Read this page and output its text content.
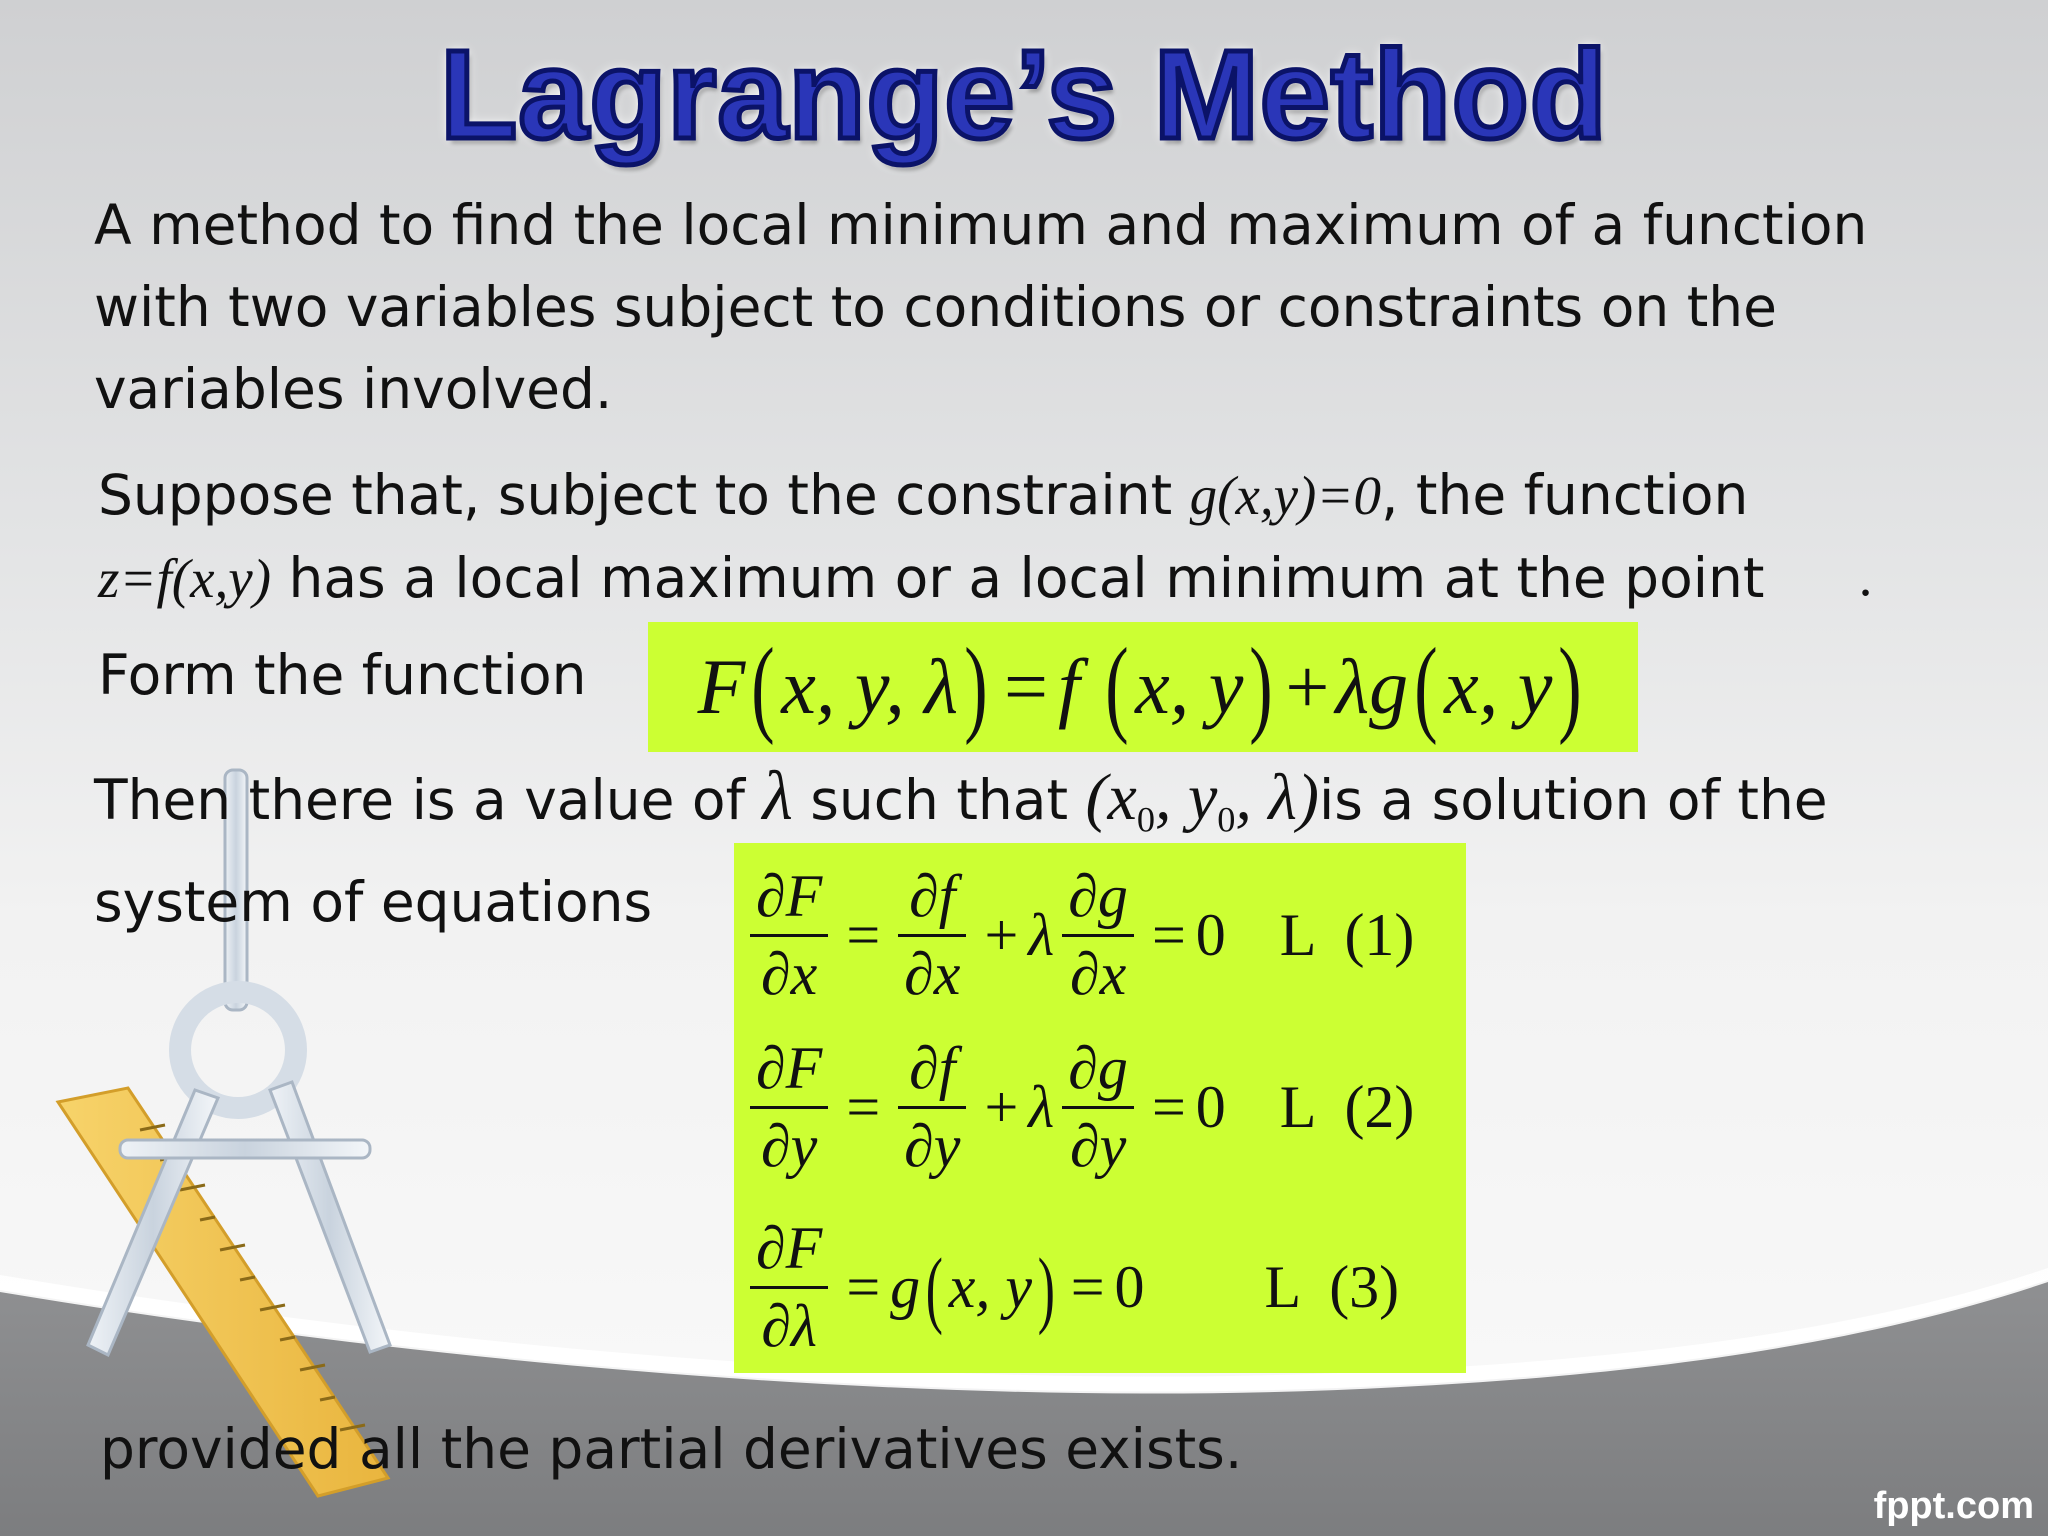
Lagrange’s Method

A method to find the local minimum and maximum of a function with two variables subject to conditions or constraints on the variables involved.

Suppose that, subject to the constraint g(x,y)=0, the function
z=f(x,y) has a local maximum or a local minimum at the point	.

Form the function F ( x, y, λ ) = f
( x, y ) + λg ( x, y )

Then there is a value of λ such that ($x_0$, $y_0$, λ)is a solution of the
system of equations	$\frac{\partial F}{\partial x} = \frac{\partial f}{\partial x} + \lambda \frac{\partial g}{\partial x} = 0$ L (1)
$\frac{\partial F}{\partial y} = \frac{\partial f}{\partial y} + \lambda \frac{\partial g}{\partial y} = 0$ L (2)
$\frac{\partial F}{\partial\lambda} = g$ ( x, y ) = 0 L (3)

provided all the partial derivatives exists.

fppt.com
